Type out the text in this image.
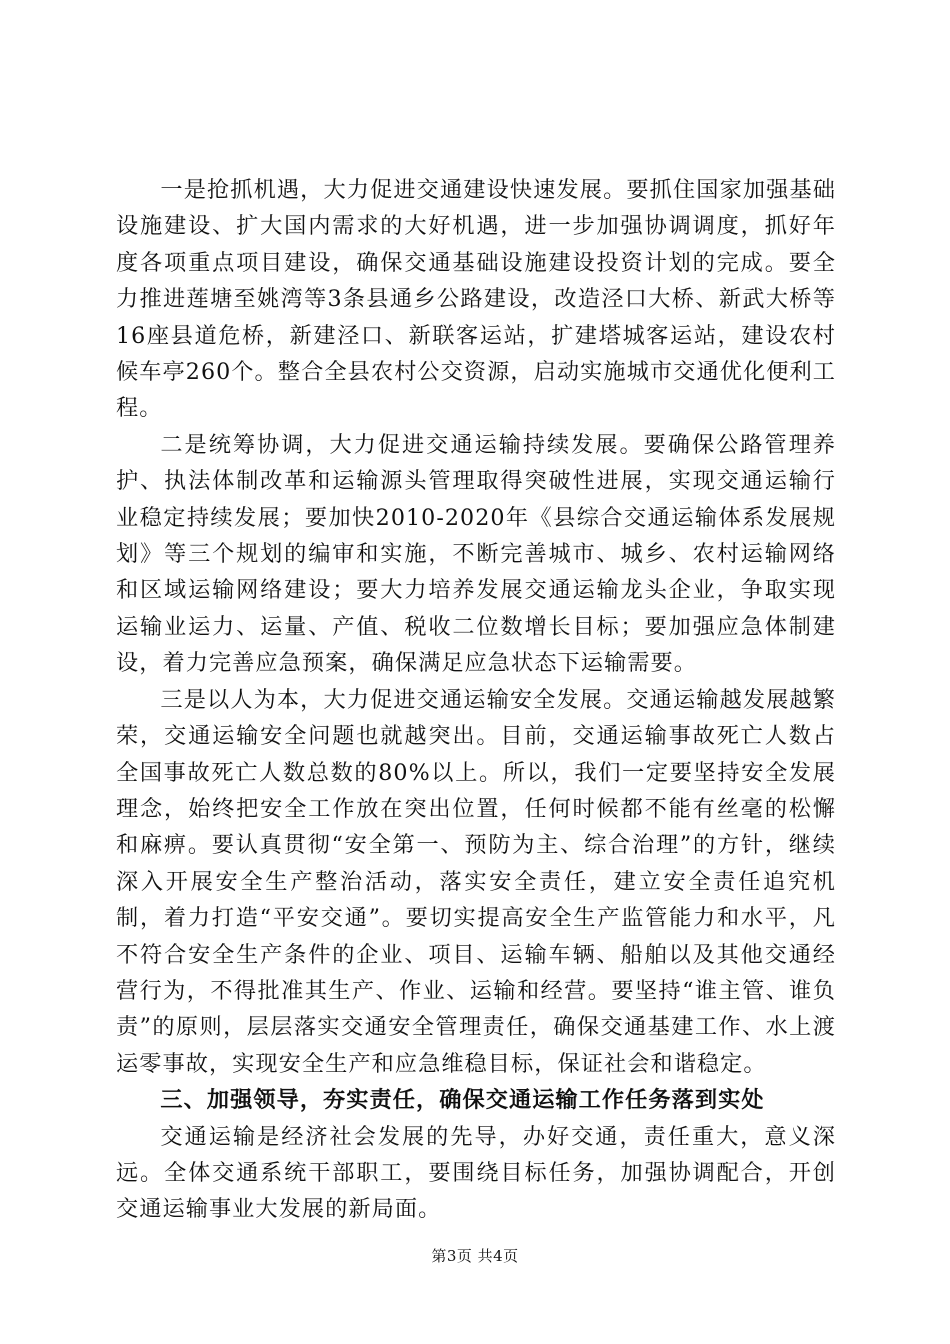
一是抢抓机遇，大力促进交通建设快速发展。要抓住国家加强基础设施建设、扩大国内需求的大好机遇，进一步加强协调调度，抓好年度各项重点项目建设，确保交通基础设施建设投资计划的完成。要全力推进莲塘至姚湾等3条县通乡公路建设，改造泾口大桥、新武大桥等16座县道危桥，新建泾口、新联客运站，扩建塔城客运站，建设农村候车亭260个。整合全县农村公交资源，启动实施城市交通优化便利工程。

二是统筹协调，大力促进交通运输持续发展。要确保公路管理养护、执法体制改革和运输源头管理取得突破性进展，实现交通运输行业稳定持续发展；要加快2010-2020年《县综合交通运输体系发展规划》等三个规划的编审和实施，不断完善城市、城乡、农村运输网络和区域运输网络建设；要大力培养发展交通运输龙头企业，争取实现运输业运力、运量、产值、税收二位数增长目标；要加强应急体制建设，着力完善应急预案，确保满足应急状态下运输需要。

三是以人为本，大力促进交通运输安全发展。交通运输越发展越繁荣，交通运输安全问题也就越突出。目前，交通运输事故死亡人数占全国事故死亡人数总数的80%以上。所以，我们一定要坚持安全发展理念，始终把安全工作放在突出位置，任何时候都不能有丝毫的松懈和麻痹。要认真贯彻“安全第一、预防为主、综合治理”的方针，继续深入开展安全生产整治活动，落实安全责任，建立安全责任追究机制，着力打造“平安交通”。要切实提高安全生产监管能力和水平，凡不符合安全生产条件的企业、项目、运输车辆、船舶以及其他交通经营行为，不得批准其生产、作业、运输和经营。要坚持“谁主管、谁负责”的原则，层层落实交通安全管理责任，确保交通基建工作、水上渡运零事故，实现安全生产和应急维稳目标，保证社会和谐稳定。

三、加强领导，夯实责任，确保交通运输工作任务落到实处

交通运输是经济社会发展的先导，办好交通，责任重大，意义深远。全体交通系统干部职工，要围绕目标任务，加强协调配合，开创交通运输事业大发展的新局面。

第3页 共4页
